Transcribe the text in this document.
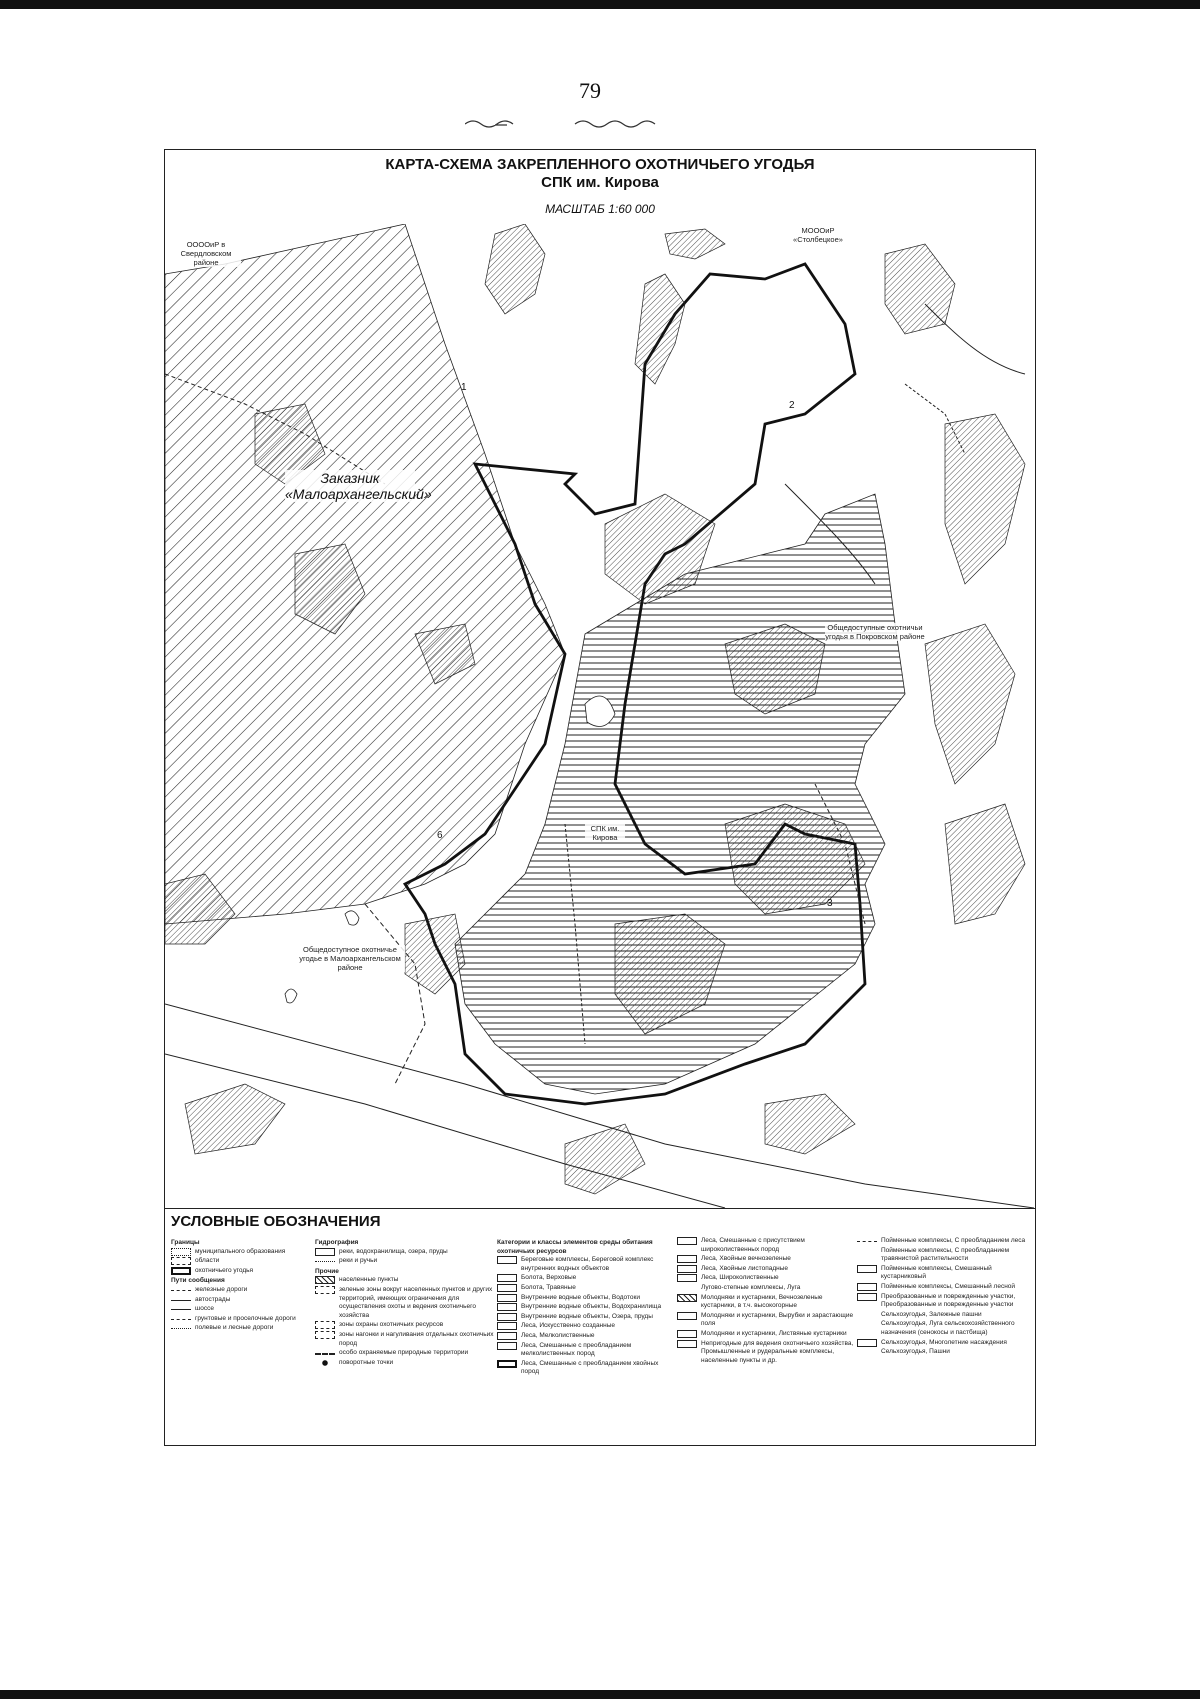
79
КАРТА-СХЕМА ЗАКРЕПЛЕННОГО ОХОТНИЧЬЕГО УГОДЬЯ
СПК им. Кирова
МАСШТАБ 1:60 000
ООООиР в Свердловском районе
МОООиР «Столбецкое»
Заказник
«Малоархангельский»
Общедоступные охотничьи угодья в Покровском районе
Общедоступное охотничье угодье в Малоархангельском районе
СПК им. Кирова
1
2
3
6
УСЛОВНЫЕ ОБОЗНАЧЕНИЯ
Границы
муниципального образования
области
охотничьего угодья
Пути сообщения
железные дороги
автострады
шоссе
грунтовые и проселочные дороги
полевые и лесные дороги
Гидрография
реки, водохранилища, озера, пруды
реки и ручьи
Прочие
населенные пункты
зеленые зоны вокруг населенных пунктов и других территорий, имеющих ограничения для осуществления охоты и ведения охотничьего хозяйства
зоны охраны охотничьих ресурсов
зоны нагонки и нагуливания отдельных охотничьих пород
особо охраняемые природные территории
поворотные точки
Категории и классы элементов среды обитания охотничьих ресурсов
Береговые комплексы, Береговой комплекс внутренних водных объектов
Болота, Верховые
Болота, Травяные
Внутренние водные объекты, Водотоки
Внутренние водные объекты, Водохранилища
Внутренние водные объекты, Озера, пруды
Леса, Искусственно созданные
Леса, Мелколиственные
Леса, Смешанные с преобладанием мелколиственных пород
Леса, Смешанные с преобладанием хвойных пород
Леса, Смешанные с присутствием широколиственных пород
Леса, Хвойные вечнозеленые
Леса, Хвойные листопадные
Леса, Широколиственные
Лугово-степные комплексы, Луга
Молодняки и кустарники, Вечнозеленые кустарники, в т.ч. высокогорные
Молодняки и кустарники, Вырубки и зарастающие поля
Молодняки и кустарники, Листвяные кустарники
Непригодные для ведения охотничьего хозяйства, Промышленные и рудеральные комплексы, населенные пункты и др.
Пойменные комплексы, С преобладанием леса
Пойменные комплексы, С преобладанием травянистой растительности
Пойменные комплексы, Смешанный кустарниковый
Пойменные комплексы, Смешанный лесной
Преобразованные и поврежденные участки, Преобразованные и поврежденные участки
Сельхозугодья, Залежные пашни
Сельхозугодья, Луга сельскохозяйственного назначения (сенокосы и пастбища)
Сельхозугодья, Многолетние насаждения
Сельхозугодья, Пашни
